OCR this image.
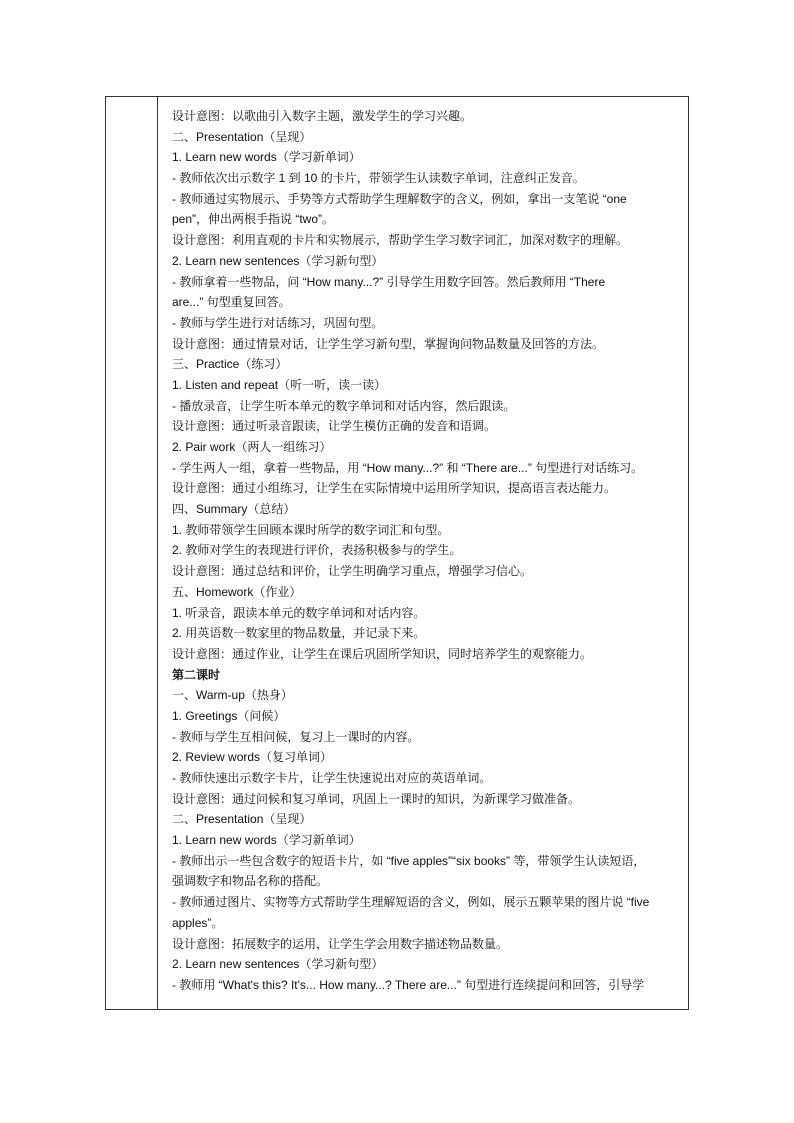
设计意图：以歌曲引入数字主题，激发学生的学习兴趣。
二、Presentation（呈现）
1. Learn new words（学习新单词）
- 教师依次出示数字 1 到 10 的卡片，带领学生认读数字单词，注意纠正发音。
- 教师通过实物展示、手势等方式帮助学生理解数字的含义，例如，拿出一支笔说 “one
pen”，伸出两根手指说 “two”。
设计意图：利用直观的卡片和实物展示，帮助学生学习数字词汇，加深对数字的理解。
2. Learn new sentences（学习新句型）
- 教师拿着一些物品，问 “How many...?” 引导学生用数字回答。然后教师用 “There
are...” 句型重复回答。
- 教师与学生进行对话练习，巩固句型。
设计意图：通过情景对话，让学生学习新句型，掌握询问物品数量及回答的方法。
三、Practice（练习）
1. Listen and repeat（听一听，读一读）
- 播放录音，让学生听本单元的数字单词和对话内容，然后跟读。
设计意图：通过听录音跟读，让学生模仿正确的发音和语调。
2. Pair work（两人一组练习）
- 学生两人一组，拿着一些物品，用 “How many...?” 和 “There are...” 句型进行对话练习。
设计意图：通过小组练习，让学生在实际情境中运用所学知识，提高语言表达能力。
四、Summary（总结）
1. 教师带领学生回顾本课时所学的数字词汇和句型。
2. 教师对学生的表现进行评价，表扬积极参与的学生。
设计意图：通过总结和评价，让学生明确学习重点，增强学习信心。
五、Homework（作业）
1. 听录音，跟读本单元的数字单词和对话内容。
2. 用英语数一数家里的物品数量，并记录下来。
设计意图：通过作业，让学生在课后巩固所学知识，同时培养学生的观察能力。
第二课时
一、Warm-up（热身）
1. Greetings（问候）
- 教师与学生互相问候，复习上一课时的内容。
2. Review words（复习单词）
- 教师快速出示数字卡片，让学生快速说出对应的英语单词。
设计意图：通过问候和复习单词，巩固上一课时的知识，为新课学习做准备。
二、Presentation（呈现）
1. Learn new words（学习新单词）
- 教师出示一些包含数字的短语卡片，如 “five apples”“six books” 等，带领学生认读短语，
强调数字和物品名称的搭配。
- 教师通过图片、实物等方式帮助学生理解短语的含义，例如，展示五颗苹果的图片说 “five
apples”。
设计意图：拓展数字的运用，让学生学会用数字描述物品数量。
2. Learn new sentences（学习新句型）
- 教师用 “What's this? It's... How many...? There are...” 句型进行连续提问和回答，引导学
